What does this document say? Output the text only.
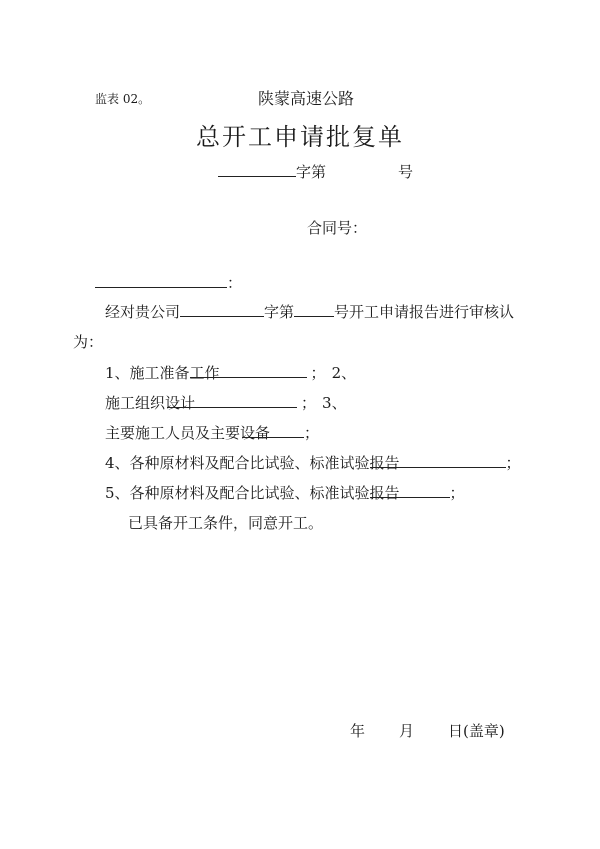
监表 02。	陕蒙高速公路
总开工申请批复单
字第	号
合同号：
：
经对贵公司	字第	号开工申请报告进行审核认
为：
1、施工准备工作	； 2、
施工组织设计	； 3、
主要施工人员及主要设备 ；
4、各种原材料及配合比试验、标准试验报告	；
5、各种原材料及配合比试验、标准试验报告	；
已具备开工条件，同意开工。
年 月 日(盖章)
